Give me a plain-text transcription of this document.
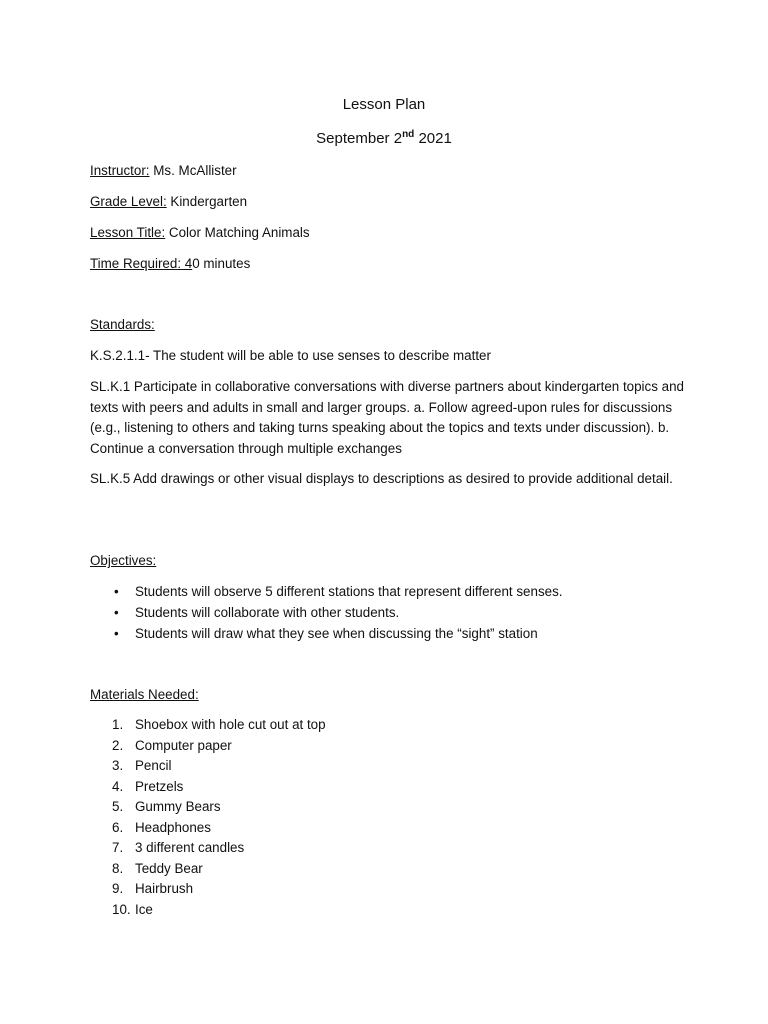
Lesson Plan
September 2nd 2021
Instructor: Ms. McAllister
Grade Level: Kindergarten
Lesson Title: Color Matching Animals
Time Required: 40 minutes
Standards:
K.S.2.1.1- The student will be able to use senses to describe matter
SL.K.1 Participate in collaborative conversations with diverse partners about kindergarten topics and texts with peers and adults in small and larger groups. a. Follow agreed-upon rules for discussions (e.g., listening to others and taking turns speaking about the topics and texts under discussion). b. Continue a conversation through multiple exchanges
SL.K.5 Add drawings or other visual displays to descriptions as desired to provide additional detail.
Objectives:
• Students will observe 5 different stations that represent different senses.
• Students will collaborate with other students.
• Students will draw what they see when discussing the “sight” station
Materials Needed:
1. Shoebox with hole cut out at top
2. Computer paper
3. Pencil
4. Pretzels
5. Gummy Bears
6. Headphones
7. 3 different candles
8. Teddy Bear
9. Hairbrush
10. Ice
